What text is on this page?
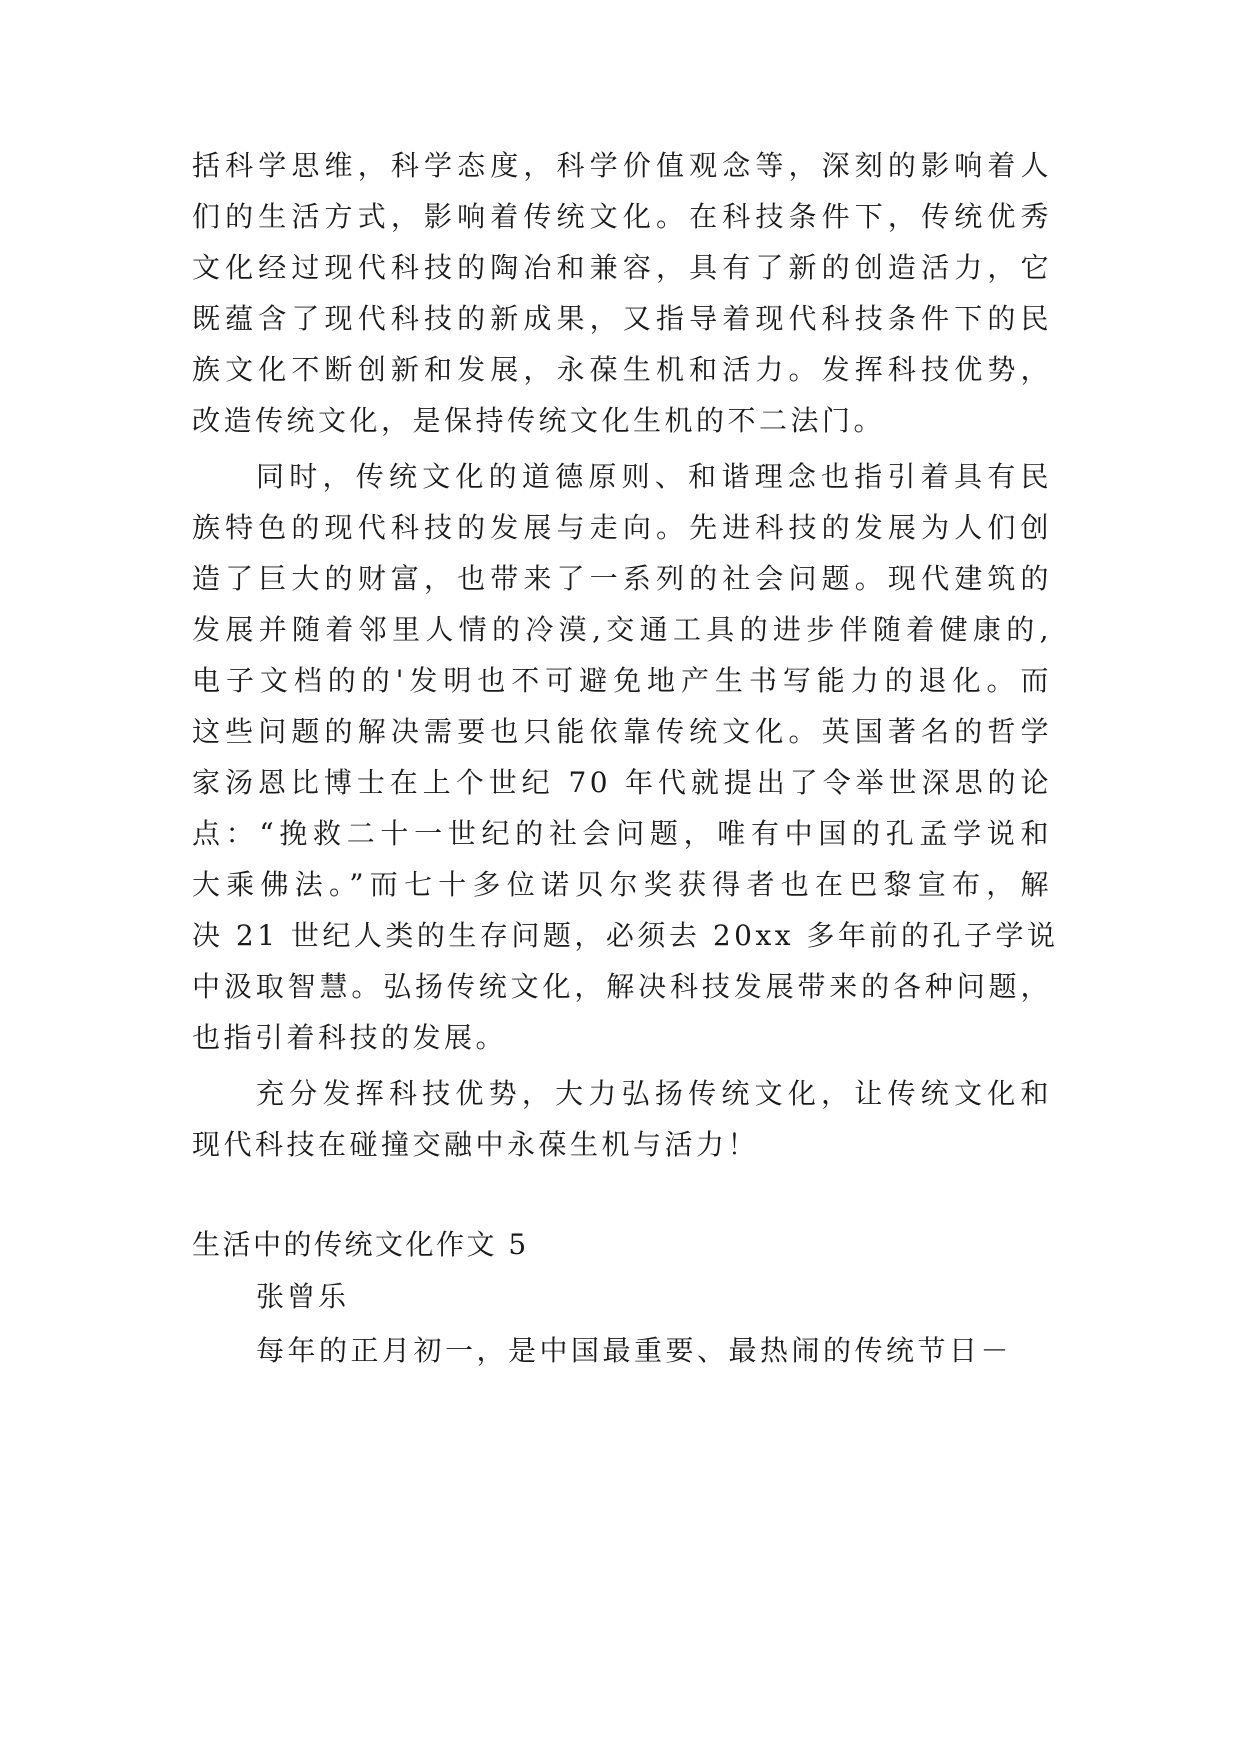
括科学思维，科学态度，科学价值观念等，深刻的影响着人
们的生活方式，影响着传统文化。在科技条件下，传统优秀
文化经过现代科技的陶冶和兼容，具有了新的创造活力，它
既蕴含了现代科技的新成果，又指导着现代科技条件下的民
族文化不断创新和发展，永葆生机和活力。发挥科技优势，
改造传统文化，是保持传统文化生机的不二法门。
同时，传统文化的道德原则、和谐理念也指引着具有民
族特色的现代科技的发展与走向。先进科技的发展为人们创
造了巨大的财富，也带来了一系列的社会问题。现代建筑的
发展并随着邻里人情的冷漠,交通工具的进步伴随着健康的,
电子文档的的'发明也不可避免地产生书写能力的退化。而
这些问题的解决需要也只能依靠传统文化。英国著名的哲学
家汤恩比博士在上个世纪 70 年代就提出了令举世深思的论
点：“挽救二十一世纪的社会问题，唯有中国的孔孟学说和
大乘佛法。”而七十多位诺贝尔奖获得者也在巴黎宣布，解
决 21 世纪人类的生存问题，必须去 20xx 多年前的孔子学说
中汲取智慧。弘扬传统文化，解决科技发展带来的各种问题，
也指引着科技的发展。
充分发挥科技优势，大力弘扬传统文化，让传统文化和
现代科技在碰撞交融中永葆生机与活力！
生活中的传统文化作文 5
张曾乐
每年的正月初一，是中国最重要、最热闹的传统节日－
